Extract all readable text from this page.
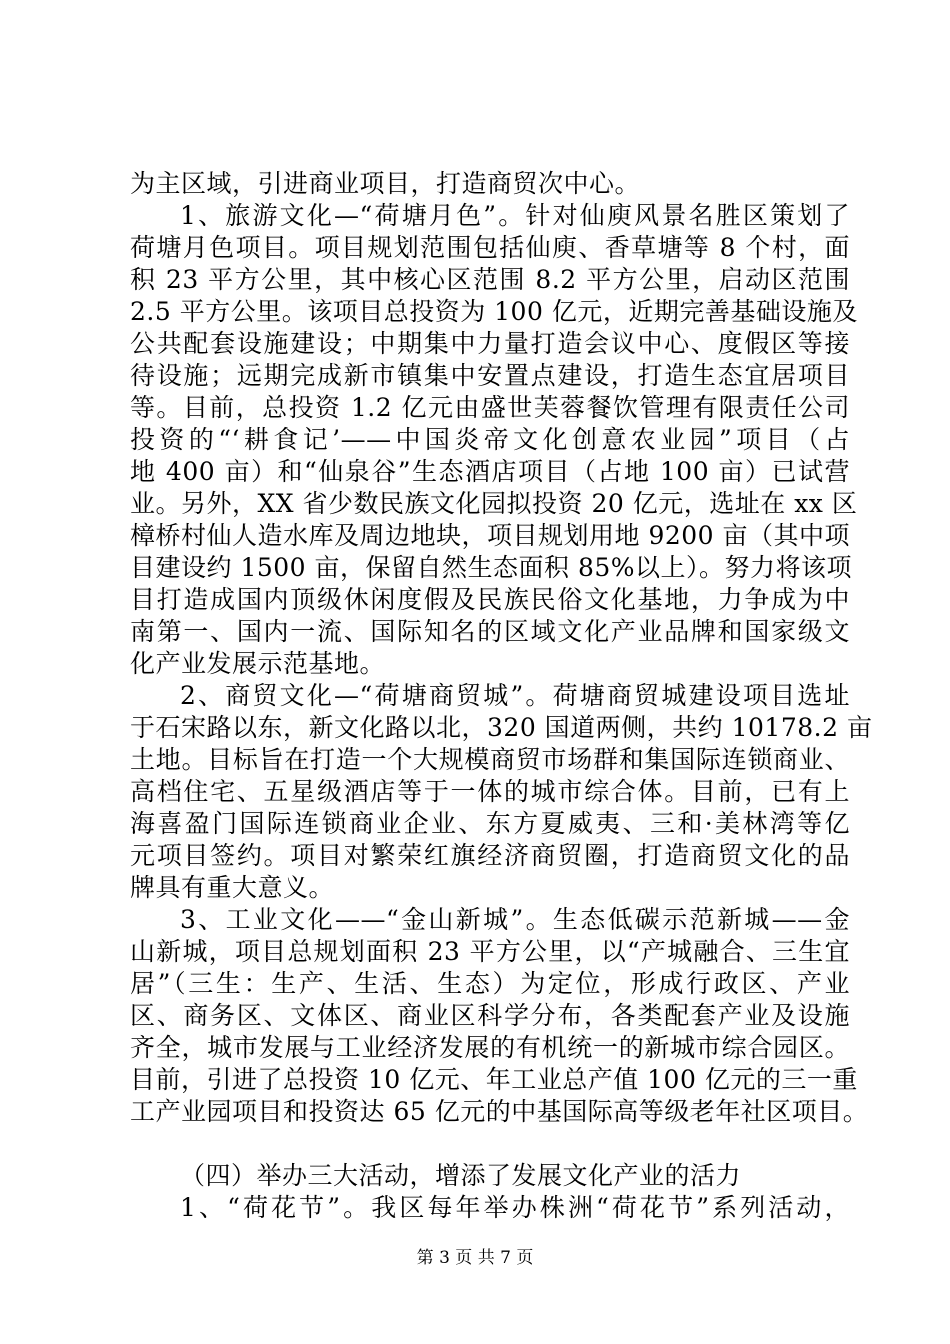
为主区域，引进商业项目，打造商贸次中心。
1、旅游文化—“荷塘月色”。针对仙庾风景名胜区策划了
荷塘月色项目。项目规划范围包括仙庾、香草塘等 8 个村，面
积 23 平方公里，其中核心区范围 8.2 平方公里，启动区范围
2.5 平方公里。该项目总投资为 100 亿元，近期完善基础设施及
公共配套设施建设；中期集中力量打造会议中心、度假区等接
待设施；远期完成新市镇集中安置点建设，打造生态宜居项目
等。目前，总投资 1.2 亿元由盛世芙蓉餐饮管理有限责任公司
投资的“‘耕食记’——中国炎帝文化创意农业园”项目（占
地 400 亩）和“仙泉谷”生态酒店项目（占地 100 亩）已试营
业。另外，XX 省少数民族文化园拟投资 20 亿元，选址在 xx 区
樟桥村仙人造水库及周边地块，项目规划用地 9200 亩（其中项
目建设约 1500 亩，保留自然生态面积 85%以上）。努力将该项
目打造成国内顶级休闲度假及民族民俗文化基地，力争成为中
南第一、国内一流、国际知名的区域文化产业品牌和国家级文
化产业发展示范基地。
2、商贸文化—“荷塘商贸城”。荷塘商贸城建设项目选址
于石宋路以东，新文化路以北，320 国道两侧，共约 10178.2 亩
土地。目标旨在打造一个大规模商贸市场群和集国际连锁商业、
高档住宅、五星级酒店等于一体的城市综合体。目前，已有上
海喜盈门国际连锁商业企业、东方夏威夷、三和·美林湾等亿
元项目签约。项目对繁荣红旗经济商贸圈，打造商贸文化的品
牌具有重大意义。
3、工业文化——“金山新城”。生态低碳示范新城——金
山新城，项目总规划面积 23 平方公里，以“产城融合、三生宜
居”（三生：生产、生活、生态）为定位，形成行政区、产业
区、商务区、文体区、商业区科学分布，各类配套产业及设施
齐全，城市发展与工业经济发展的有机统一的新城市综合园区。
目前，引进了总投资 10 亿元、年工业总产值 100 亿元的三一重
工产业园项目和投资达 65 亿元的中基国际高等级老年社区项目。
（四）举办三大活动，增添了发展文化产业的活力
1、“荷花节”。我区每年举办株洲“荷花节”系列活动，
第 3 页 共 7 页
